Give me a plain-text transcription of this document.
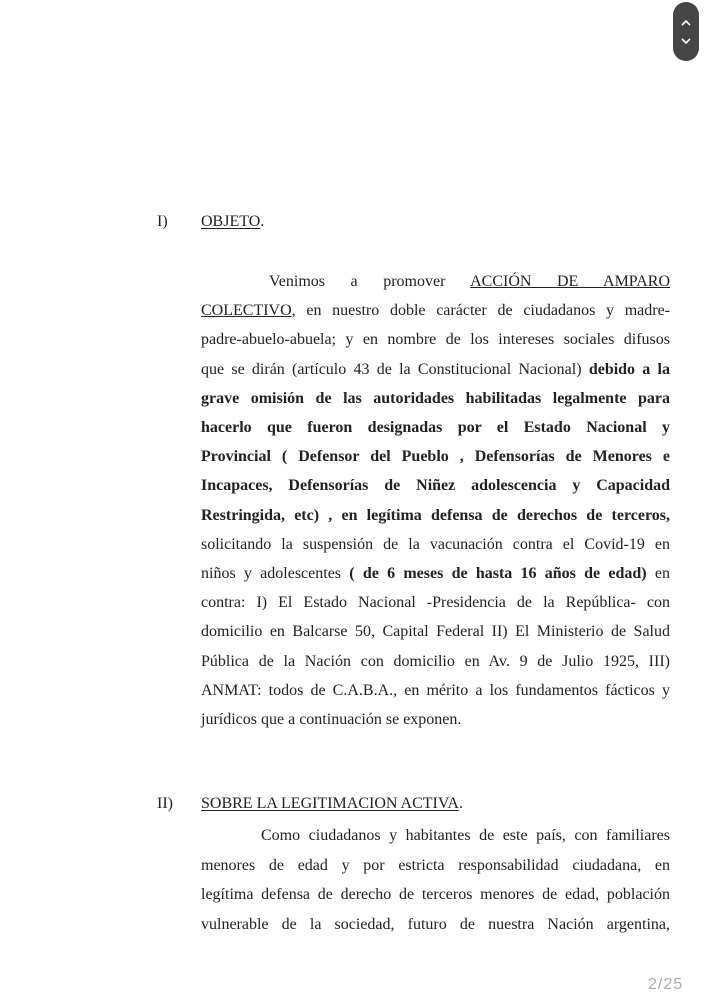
I) OBJETO.
Venimos a promover ACCIÓN DE AMPARO
COLECTIVO, en nuestro doble carácter de ciudadanos y madre-
padre-abuelo-abuela; y en nombre de los intereses sociales difusos
que se dirán (artículo 43 de la Constitucional Nacional) debido a la
grave omisión de las autoridades habilitadas legalmente para
hacerlo que fueron designadas por el Estado Nacional y
Provincial ( Defensor del Pueblo , Defensorías de Menores e
Incapaces, Defensorías de Niñez adolescencia y Capacidad
Restringida, etc) , en legítima defensa de derechos de terceros,
solicitando la suspensión de la vacunación contra el Covid-19 en
niños y adolescentes ( de 6 meses de hasta 16 años de edad) en
contra: I) El Estado Nacional -Presidencia de la República- con
domicilio en Balcarse 50, Capital Federal II) El Ministerio de Salud
Pública de la Nación con domicilio en Av. 9 de Julio 1925, III)
ANMAT: todos de C.A.B.A., en mérito a los fundamentos fácticos y
jurídicos que a continuación se exponen.
II) SOBRE LA LEGITIMACION ACTIVA.
Como ciudadanos y habitantes de este país, con familiares
menores de edad y por estricta responsabilidad ciudadana, en
legítima defensa de derecho de terceros menores de edad, población
vulnerable de la sociedad, futuro de nuestra Nación argentina,
2/25
